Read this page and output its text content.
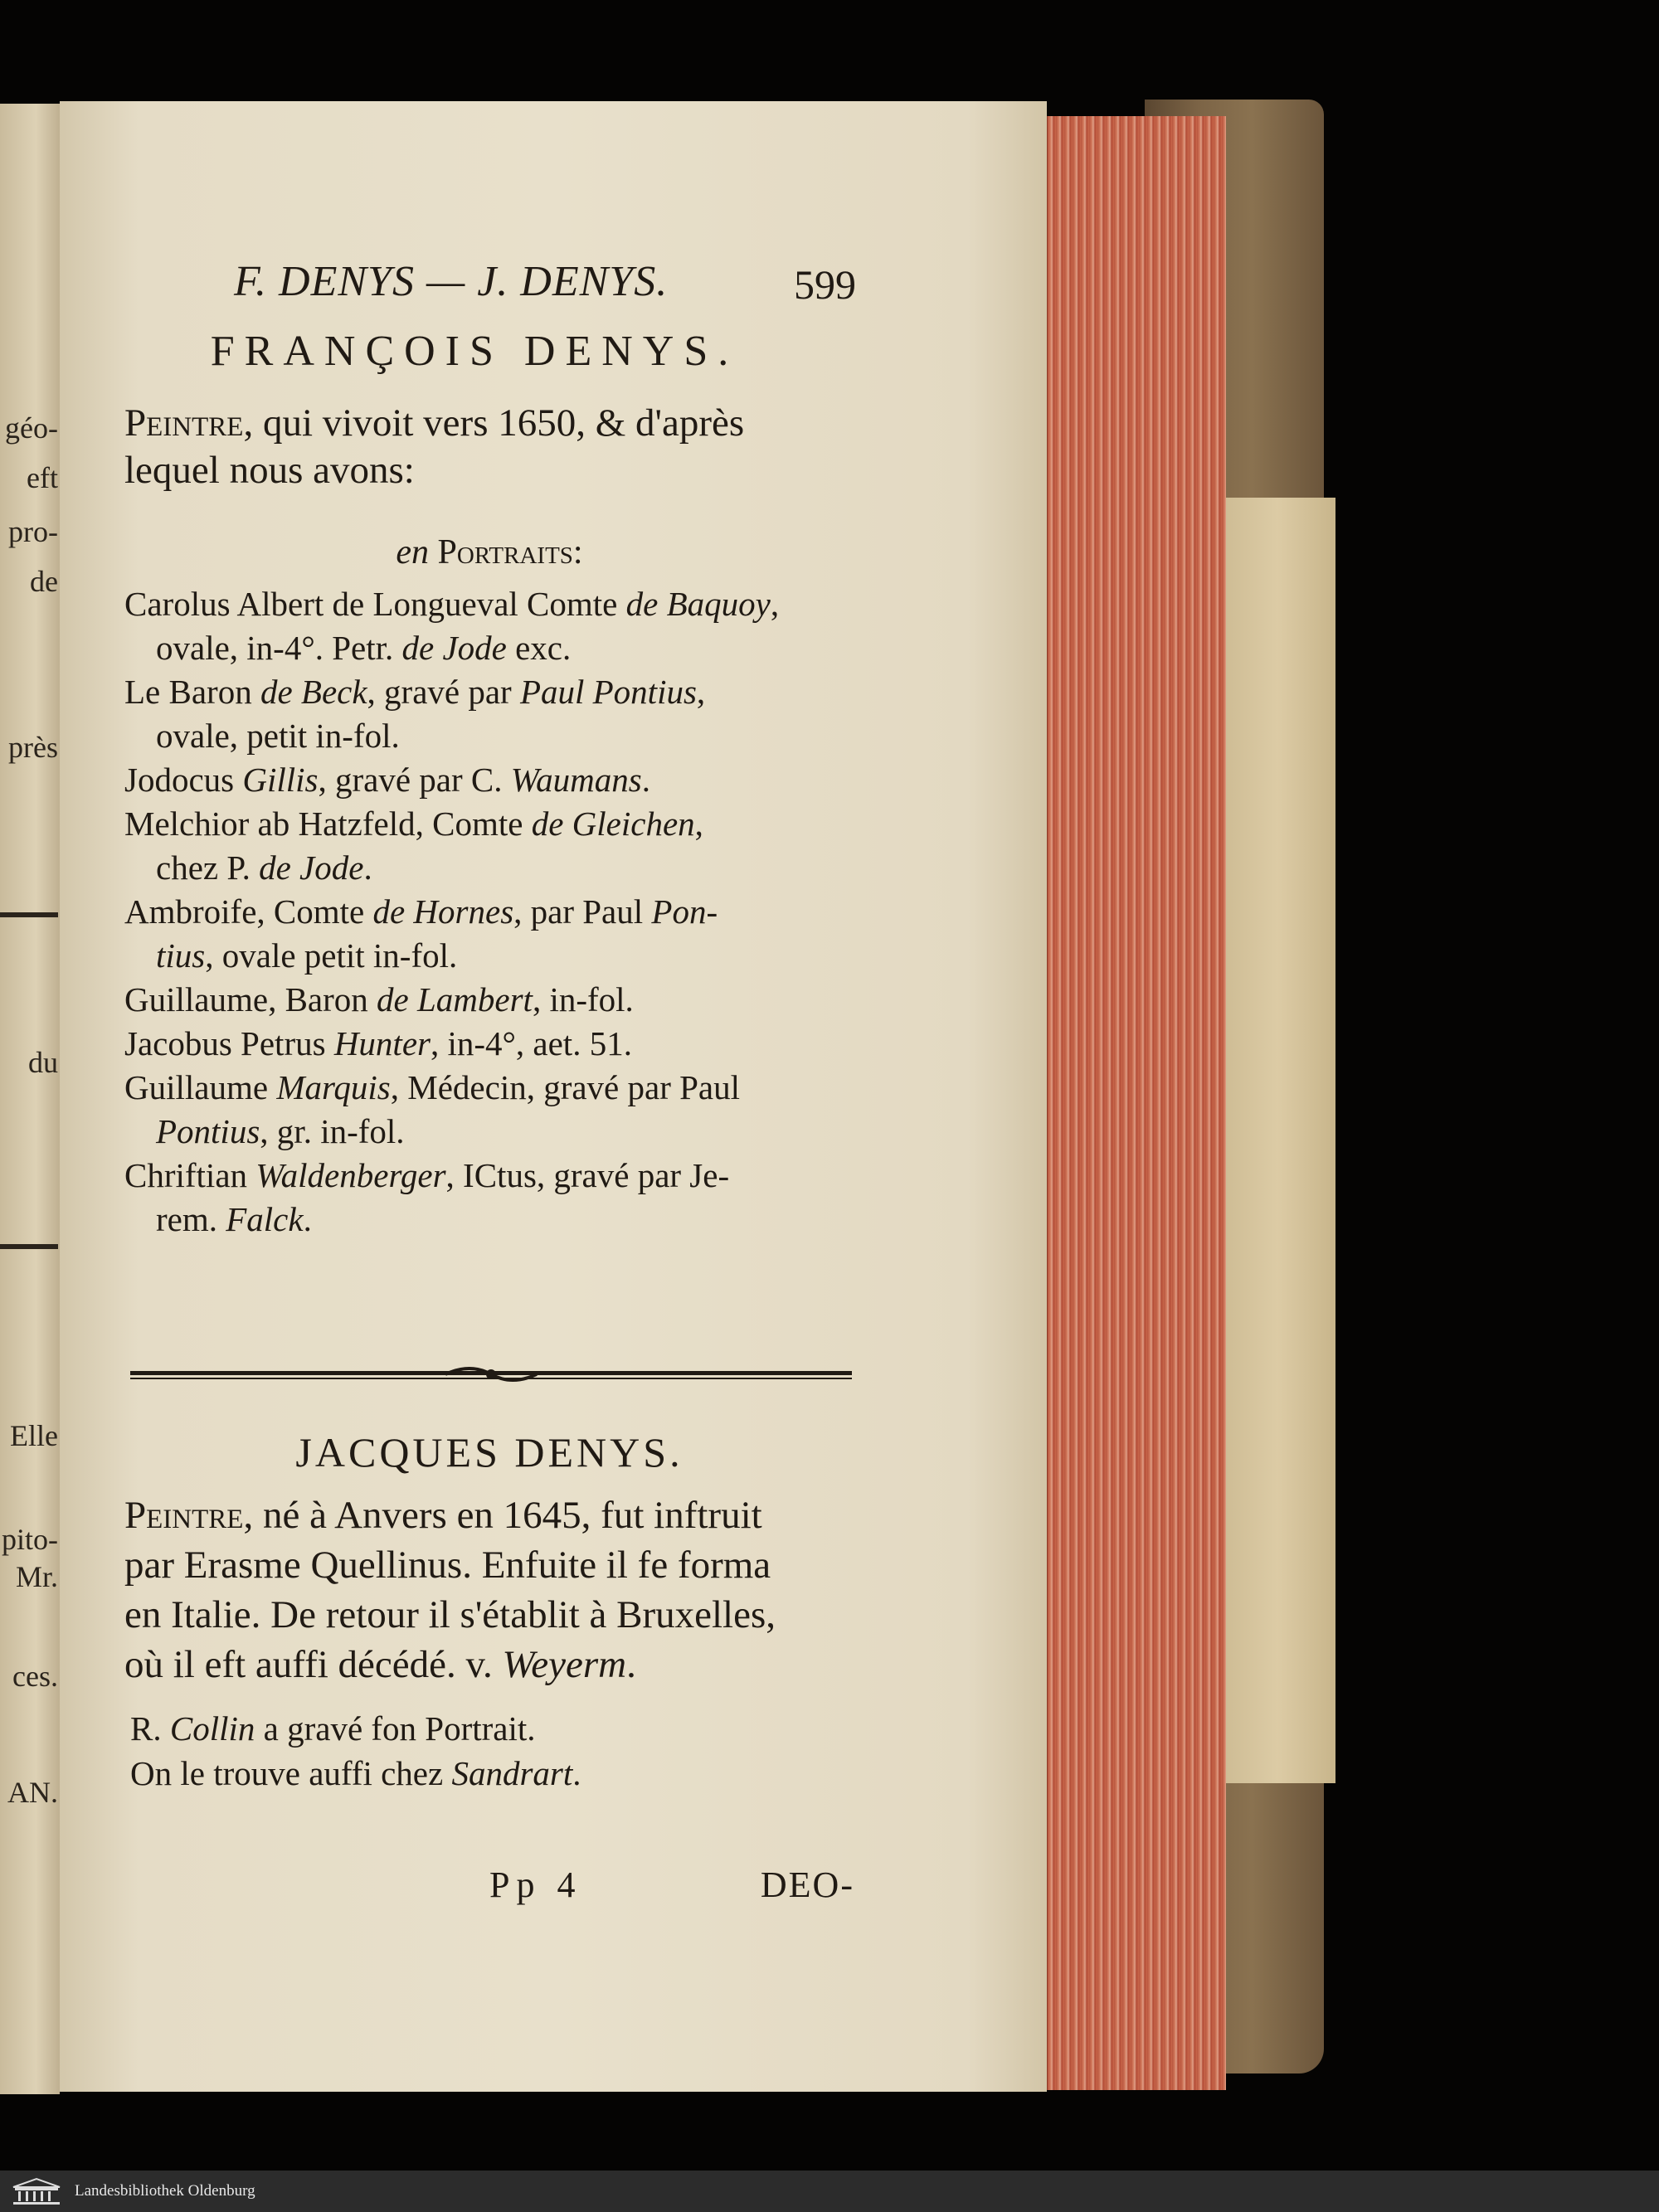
géo-
eft
pro-
de
près
du
Elle
pito-
Mr.
ces.
AN.
F. DENYS — J. DENYS.	599
FRANÇOIS DENYS.

Peintre, qui vivoit vers 1650, & d'après

lequel nous avons:

en Portraits:

Carolus Albert de Longueval Comte de Baquoy,
ovale, in-4°. Petr. de Jode exc.

Le Baron de Beck, gravé par Paul Pontius,
ovale, petit in-fol.

Jodocus Gillis, gravé par C. Waumans.

Melchior ab Hatzfeld, Comte de Gleichen,
chez P. de Jode.

Ambroife, Comte de Hornes, par Paul Pon-
tius, ovale petit in-fol.

Guillaume, Baron de Lambert, in-fol.

Jacobus Petrus Hunter, in-4°, aet. 51.

Guillaume Marquis, Médecin, gravé par Paul
Pontius, gr. in-fol.

Chriftian Waldenberger, ICtus, gravé par Je-
rem. Falck.

JACQUES DENYS.

Peintre, né à Anvers en 1645, fut inftruit

par Erasme Quellinus. Enfuite il fe forma

en Italie. De retour il s'établit à Bruxelles,

où il eft auffi décédé. v. Weyerm.

R. Collin a gravé fon Portrait.

On le trouve auffi chez Sandrart.

Pp 4	DEO-
Landesbibliothek Oldenburg
